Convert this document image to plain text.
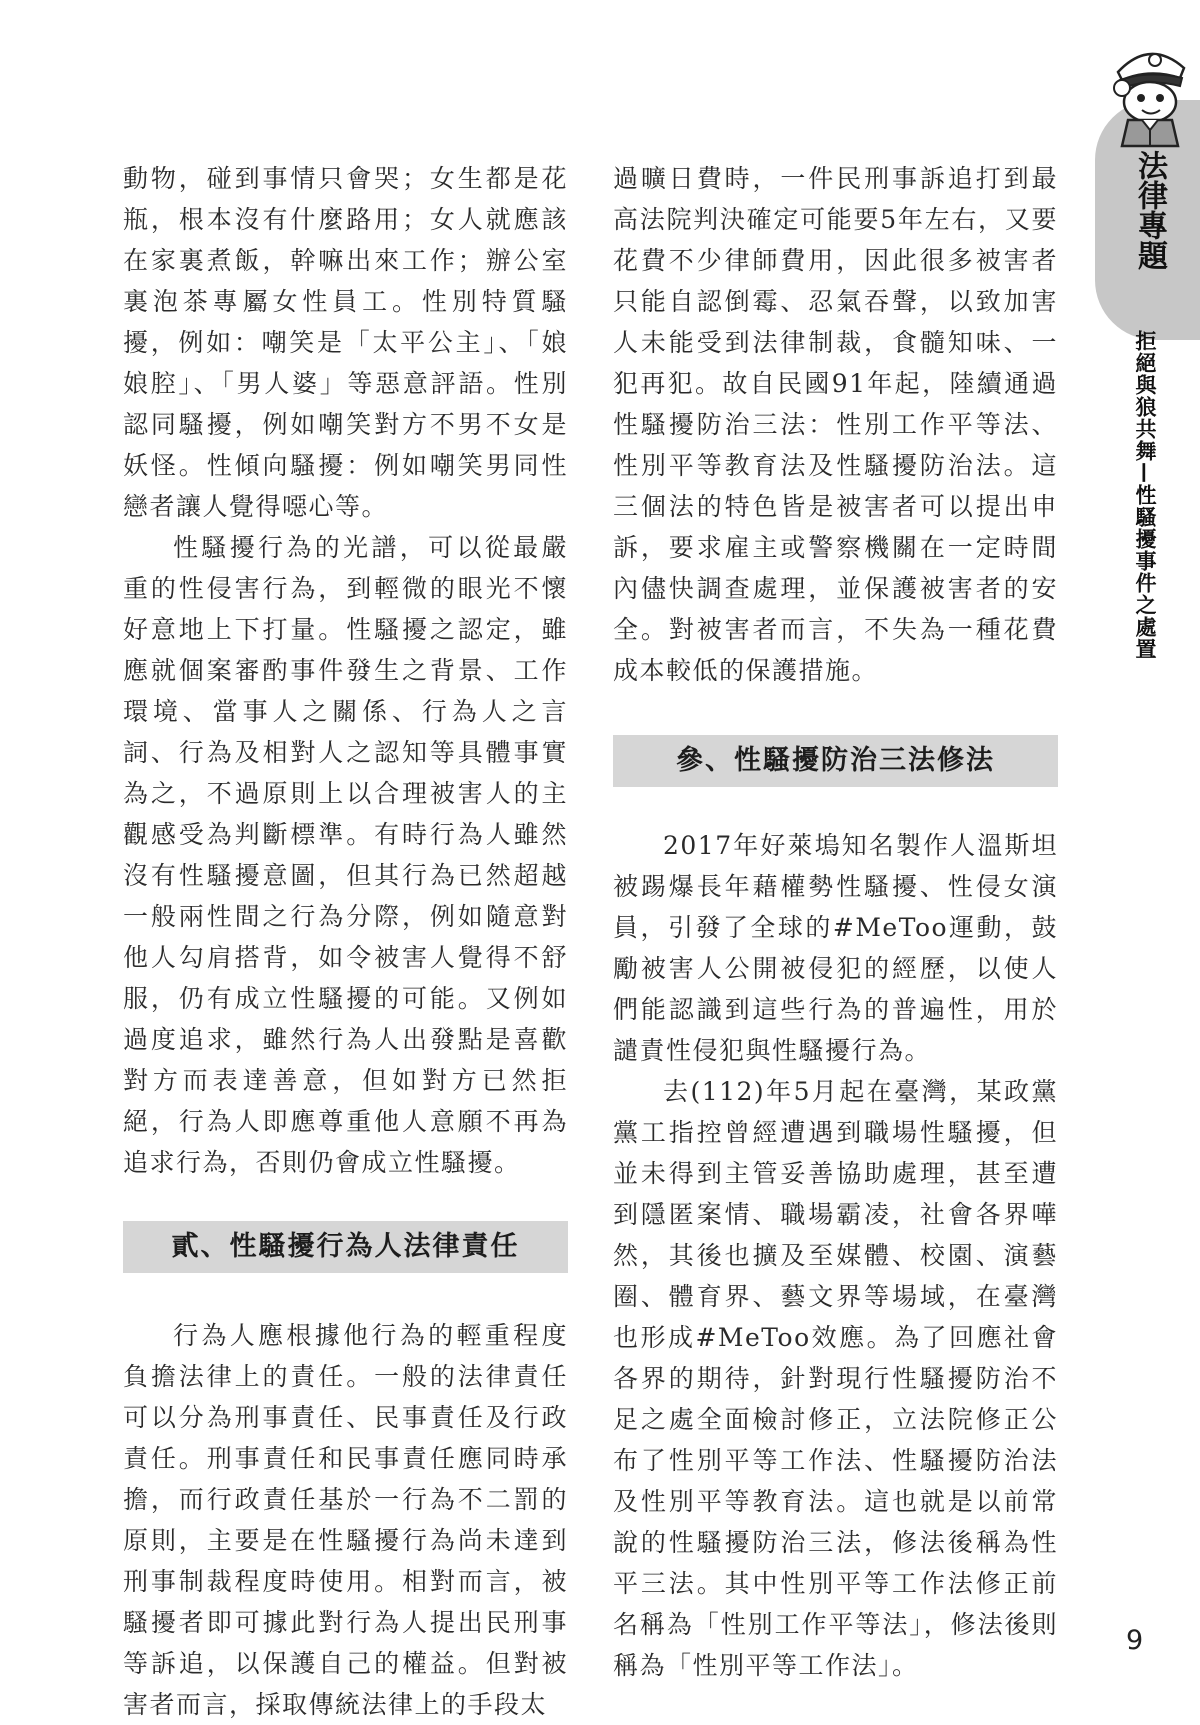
法律專題
拒絕與狼共舞—性騷擾事件之處置

動物，碰到事情只會哭；女生都是花瓶，根本沒有什麼路用；女人就應該在家裏煮飯，幹嘛出來工作；辦公室裏泡茶專屬女性員工。性別特質騷擾，例如：嘲笑是「太平公主」、「娘娘腔」、「男人婆」等惡意評語。性別認同騷擾，例如嘲笑對方不男不女是妖怪。性傾向騷擾：例如嘲笑男同性戀者讓人覺得噁心等。

性騷擾行為的光譜，可以從最嚴重的性侵害行為，到輕微的眼光不懷好意地上下打量。性騷擾之認定，雖應就個案審酌事件發生之背景、工作環境、當事人之關係、行為人之言詞、行為及相對人之認知等具體事實為之，不過原則上以合理被害人的主觀感受為判斷標準。有時行為人雖然沒有性騷擾意圖，但其行為已然超越一般兩性間之行為分際，例如隨意對他人勾肩搭背，如令被害人覺得不舒服，仍有成立性騷擾的可能。又例如過度追求，雖然行為人出發點是喜歡對方而表達善意，但如對方已然拒絕，行為人即應尊重他人意願不再為追求行為，否則仍會成立性騷擾。

貳、性騷擾行為人法律責任

行為人應根據他行為的輕重程度負擔法律上的責任。一般的法律責任可以分為刑事責任、民事責任及行政責任。刑事責任和民事責任應同時承擔，而行政責任基於一行為不二罰的原則，主要是在性騷擾行為尚未達到刑事制裁程度時使用。相對而言，被騷擾者即可據此對行為人提出民刑事等訴追，以保護自己的權益。但對被害者而言，採取傳統法律上的手段太

過曠日費時，一件民刑事訴追打到最高法院判決確定可能要5年左右，又要花費不少律師費用，因此很多被害者只能自認倒霉、忍氣吞聲，以致加害人未能受到法律制裁，食髓知味、一犯再犯。故自民國91年起，陸續通過性騷擾防治三法：性別工作平等法、性別平等教育法及性騷擾防治法。這三個法的特色皆是被害者可以提出申訴，要求雇主或警察機關在一定時間內儘快調查處理，並保護被害者的安全。對被害者而言，不失為一種花費成本較低的保護措施。

參、性騷擾防治三法修法

2017年好萊塢知名製作人溫斯坦被踢爆長年藉權勢性騷擾、性侵女演員，引發了全球的#MeToo運動，鼓勵被害人公開被侵犯的經歷，以使人們能認識到這些行為的普遍性，用於譴責性侵犯與性騷擾行為。

去(112)年5月起在臺灣，某政黨黨工指控曾經遭遇到職場性騷擾，但並未得到主管妥善協助處理，甚至遭到隱匿案情、職場霸凌，社會各界嘩然，其後也擴及至媒體、校園、演藝圈、體育界、藝文界等場域，在臺灣也形成#MeToo效應。為了回應社會各界的期待，針對現行性騷擾防治不足之處全面檢討修正，立法院修正公布了性別平等工作法、性騷擾防治法及性別平等教育法。這也就是以前常說的性騷擾防治三法，修法後稱為性平三法。其中性別平等工作法修正前名稱為「性別工作平等法」，修法後則稱為「性別平等工作法」。

9
